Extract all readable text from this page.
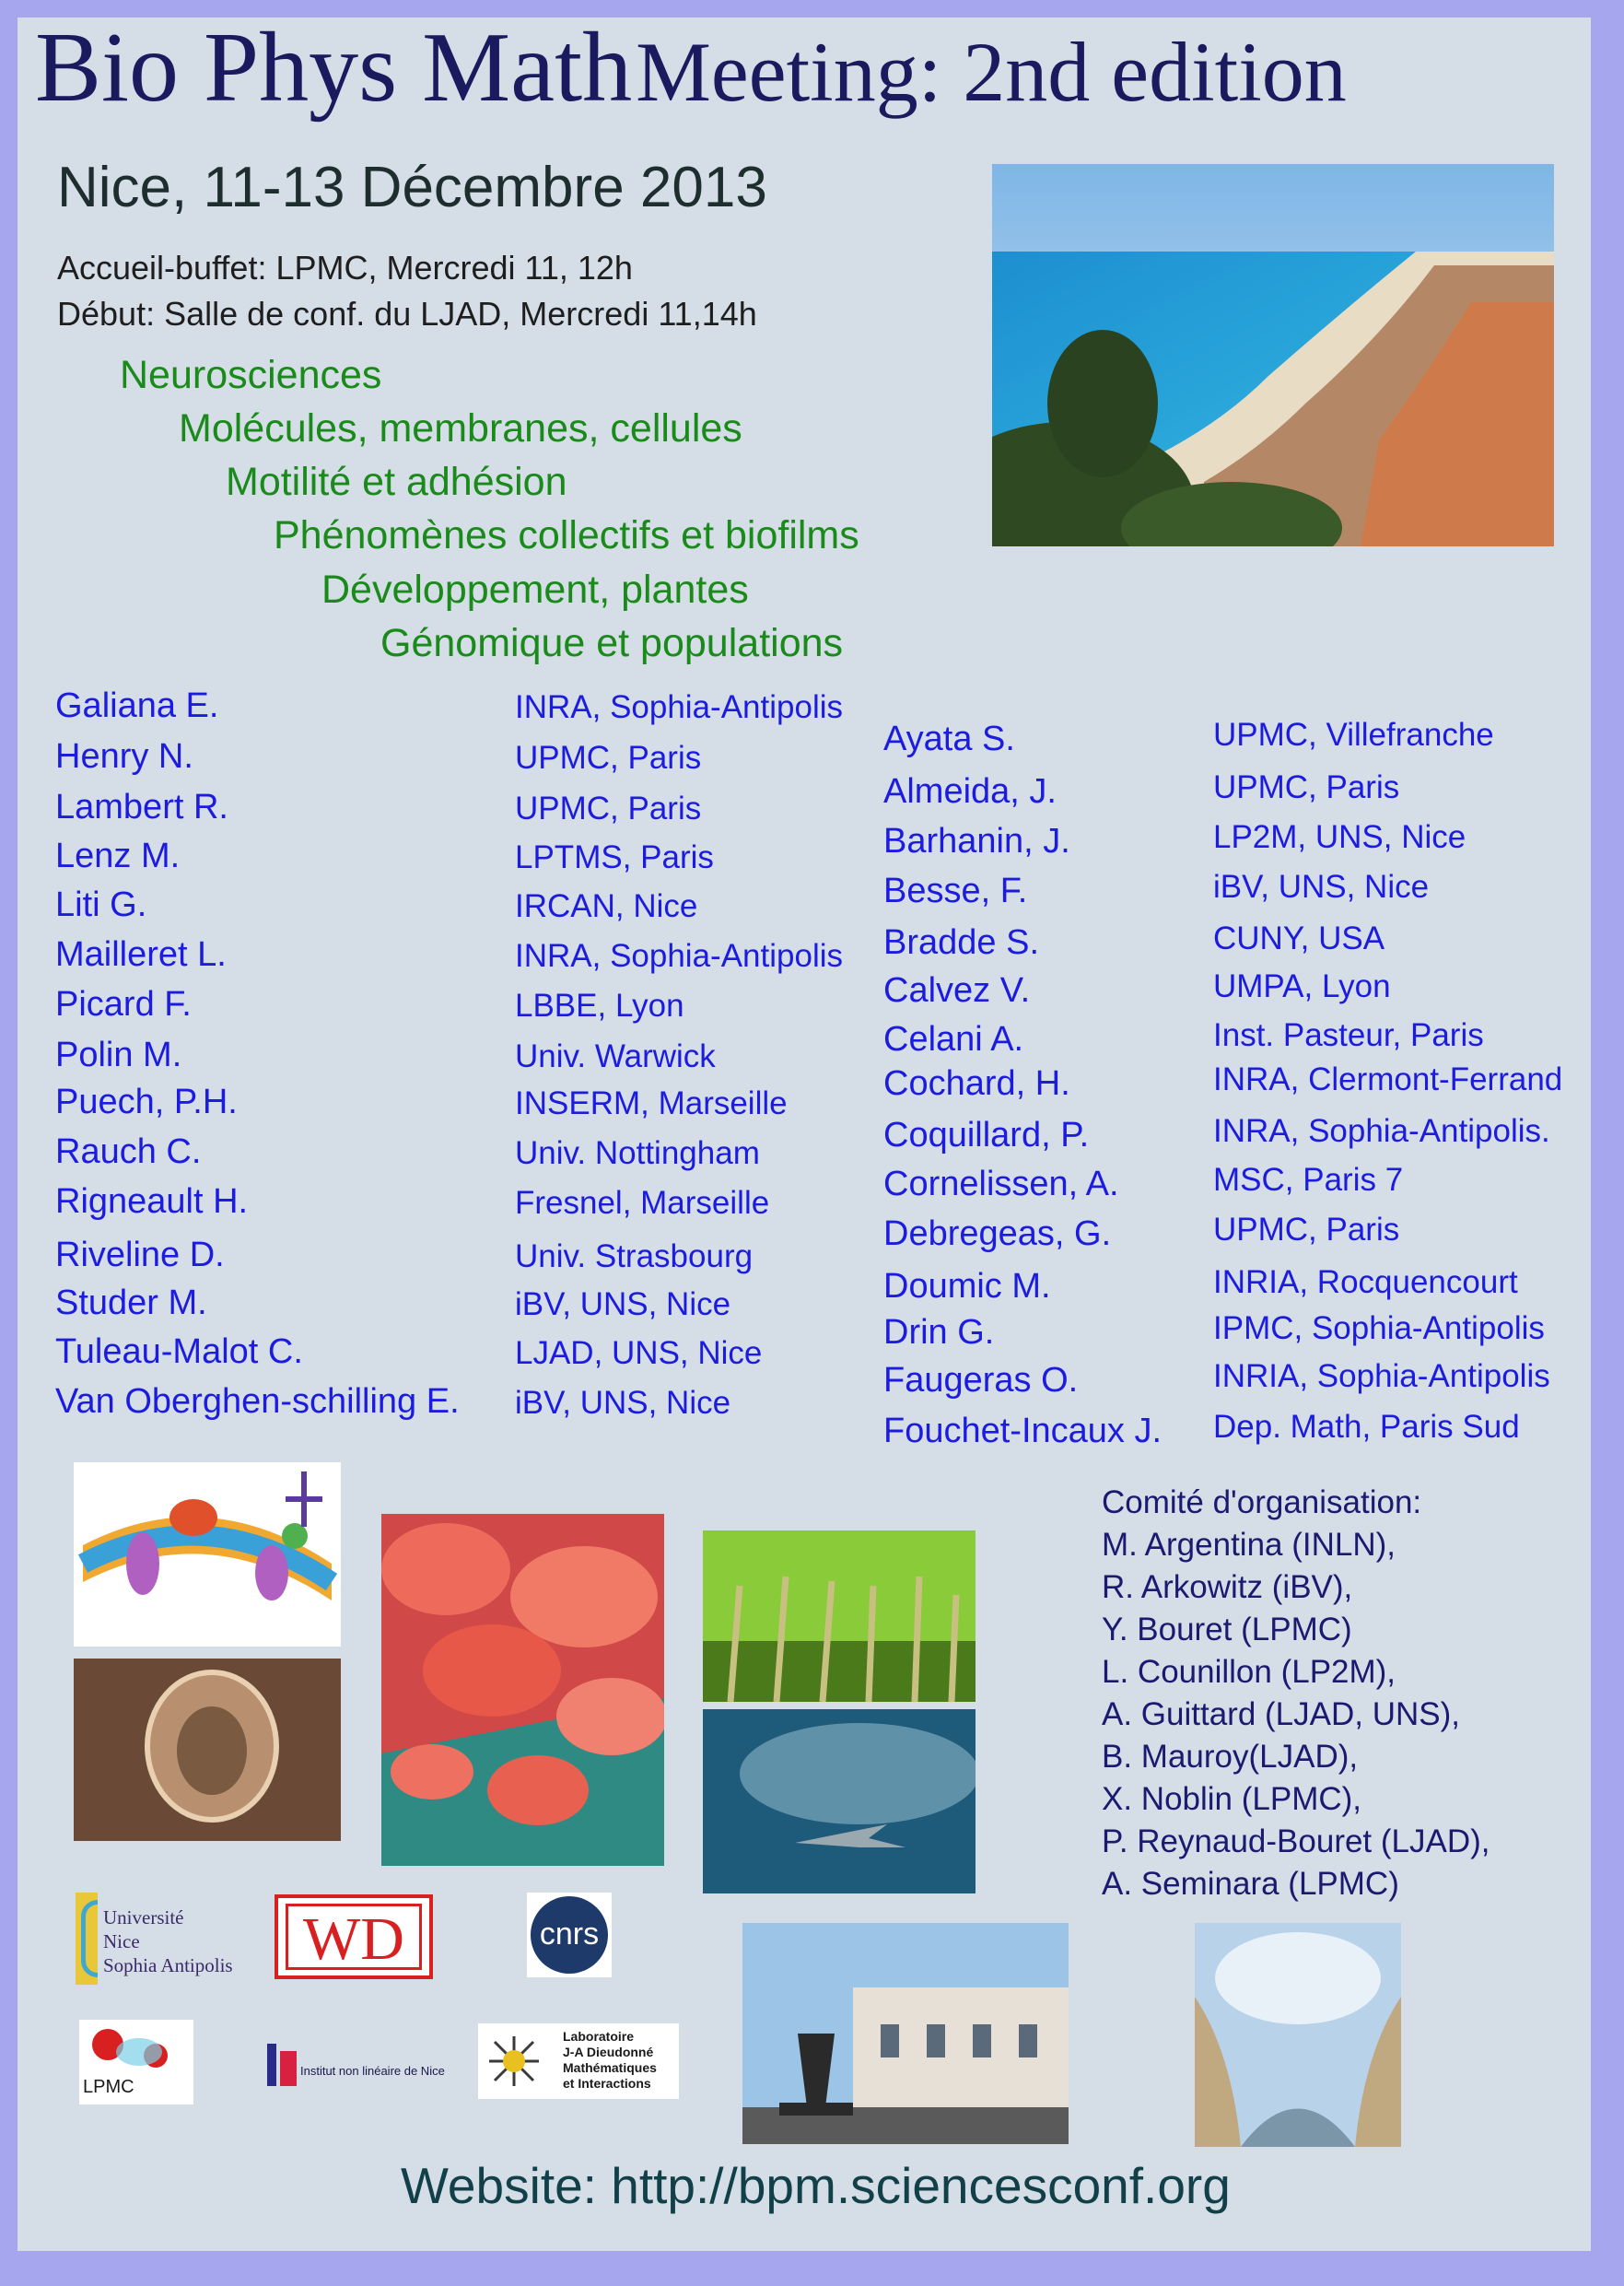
Bio Phys Math Meeting: 2nd edition
Nice, 11-13 Décembre 2013
Accueil-buffet: LPMC, Mercredi 11, 12h
Début: Salle de conf. du LJAD, Mercredi 11,14h
Neurosciences
Molécules, membranes, cellules
Motilité et adhésion
Phénomènes collectifs et biofilms
Développement, plantes
Génomique et populations
Galiana E.	INRA, Sophia-Antipolis
Henry N.	UPMC, Paris
Lambert R.	UPMC, Paris
Lenz M.	LPTMS, Paris
Liti G.	IRCAN, Nice
Mailleret L.	INRA, Sophia-Antipolis
Picard F.	LBBE, Lyon
Polin M.	Univ. Warwick
Puech, P.H.	INSERM, Marseille
Rauch C.	Univ. Nottingham
Rigneault H.	Fresnel, Marseille
Riveline D.	Univ. Strasbourg
Studer M.	iBV, UNS, Nice
Tuleau-Malot C.	LJAD, UNS, Nice
Van Oberghen-schilling E. iBV, UNS, Nice
Ayata S.	UPMC, Villefranche
Almeida, J.	UPMC, Paris
Barhanin, J.	LP2M, UNS, Nice
Besse, F.	iBV, UNS, Nice
Bradde S.	CUNY, USA
Calvez V.	UMPA, Lyon
Celani A.	Inst. Pasteur, Paris
Cochard, H.	INRA, Clermont-Ferrand
Coquillard, P.	INRA, Sophia-Antipolis.
Cornelissen, A.	MSC, Paris 7
Debregeas, G.	UPMC, Paris
Doumic M.	INRIA, Rocquencourt
Drin G.	IPMC, Sophia-Antipolis
Faugeras O.	INRIA, Sophia-Antipolis
Fouchet-Incaux J. Dep. Math, Paris Sud
Université
Nice
Sophia Antipolis	WD	cnrs
LPMC
Institut non linéaire de Nice
Laboratoire
J-A Dieudonné
Mathématiques
et Interactions
Comité d'organisation:
M. Argentina (INLN),
R. Arkowitz (iBV),
Y. Bouret (LPMC)
L. Counillon (LP2M),
A. Guittard (LJAD, UNS),
B. Mauroy(LJAD),
X. Noblin (LPMC),
P. Reynaud-Bouret (LJAD),
A. Seminara (LPMC)
Website: http://bpm.sciencesconf.org
